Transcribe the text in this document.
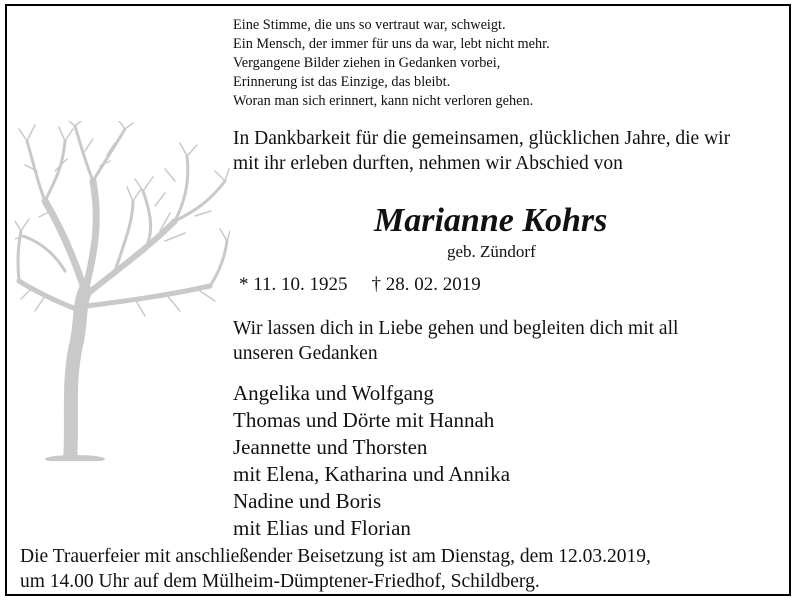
Eine Stimme, die uns so vertraut war, schweigt.
Ein Mensch, der immer für uns da war, lebt nicht mehr.
Vergangene Bilder ziehen in Gedanken vorbei,
Erinnerung ist das Einzige, das bleibt.
Woran man sich erinnert, kann nicht verloren gehen.
In Dankbarkeit für die gemeinsamen, glücklichen Jahre, die wir
mit ihr erleben durften, nehmen wir Abschied von
Marianne Kohrs
geb. Zündorf
* 11. 10. 1925 † 28. 02. 2019
Wir lassen dich in Liebe gehen und begleiten dich mit all
unseren Gedanken
Angelika und Wolfgang
Thomas und Dörte mit Hannah
Jeannette und Thorsten
mit Elena, Katharina und Annika
Nadine und Boris
mit Elias und Florian
Die Trauerfeier mit anschließender Beisetzung ist am Dienstag, dem 12.03.2019,
um 14.00 Uhr auf dem Mülheim-Dümptener-Friedhof, Schildberg.
